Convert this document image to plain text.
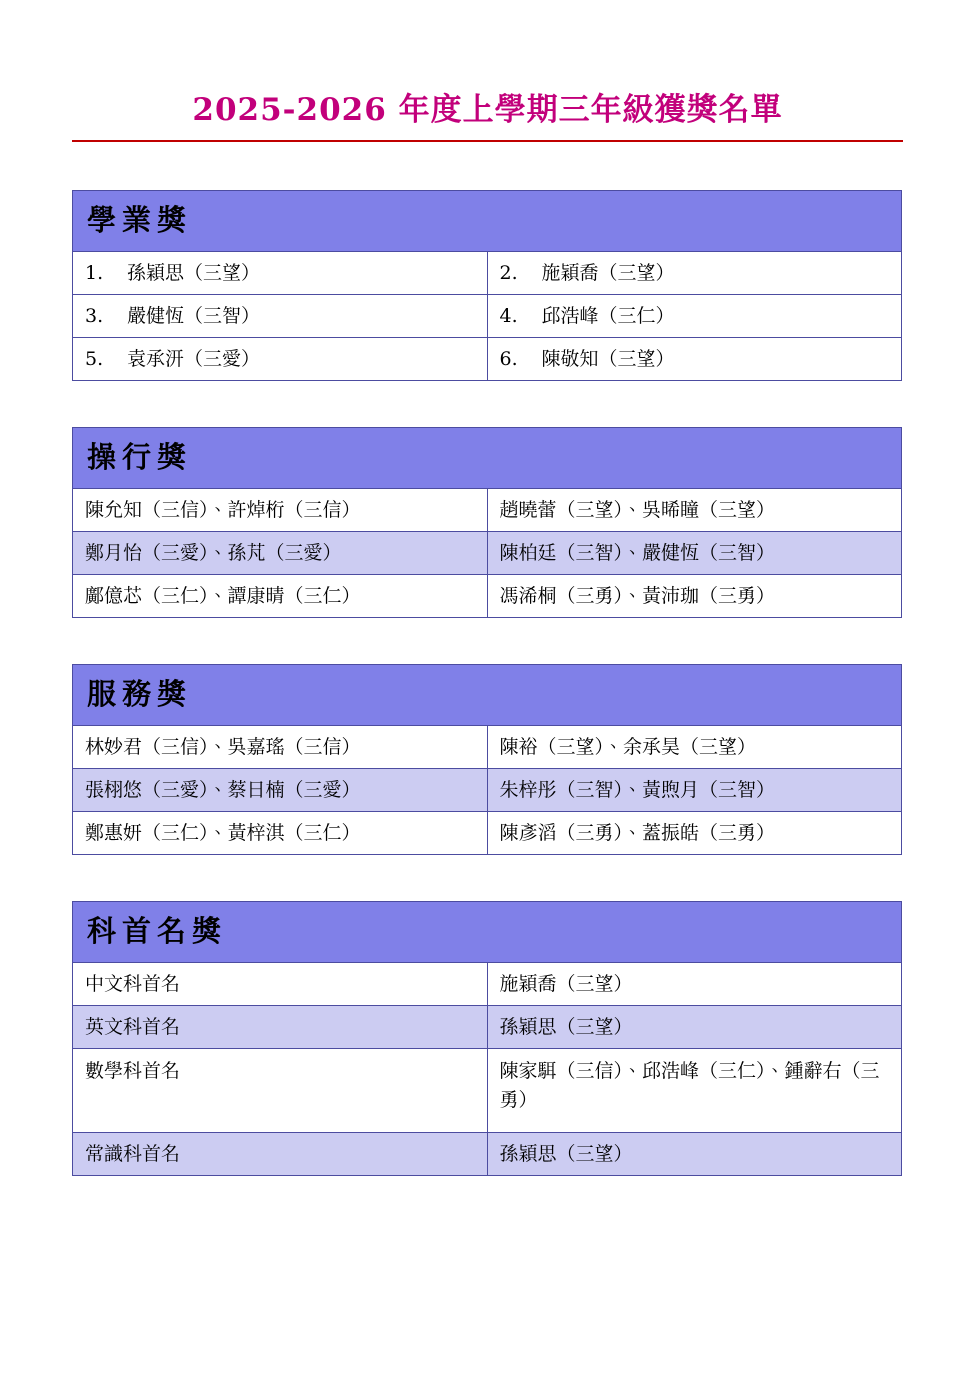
2025-2026 年度上學期三年級獲獎名單
學業獎	

1. 孫穎思（三望）	2. 施穎喬（三望）
3. 嚴健恆（三智）	4. 邱浩峰（三仁）
5. 袁承汧（三愛）	6. 陳敬知（三望）
操行獎	

陳允知（三信）、許焯桁（三信）	趙曉蕾（三望）、吳晞瞳（三望）
鄭月怡（三愛）、孫芃（三愛）	陳柏廷（三智）、嚴健恆（三智）
鄺億芯（三仁）、譚康晴（三仁）	馮浠桐（三勇）、黃沛珈（三勇）
服務獎	

林妙君（三信）、吳嘉瑤（三信）	陳裕（三望）、余承昊（三望）
張栩悠（三愛）、蔡日楠（三愛）	朱梓彤（三智）、黃煦月（三智）
鄭惠妍（三仁）、黃梓淇（三仁）	陳彥滔（三勇）、蓋振皓（三勇）
科首名獎	

中文科首名	施穎喬（三望）
英文科首名	孫穎思（三望）
數學科首名	陳家駬（三信）、邱浩峰（三仁）、鍾辭右（三勇）
常識科首名	孫穎思（三望）
